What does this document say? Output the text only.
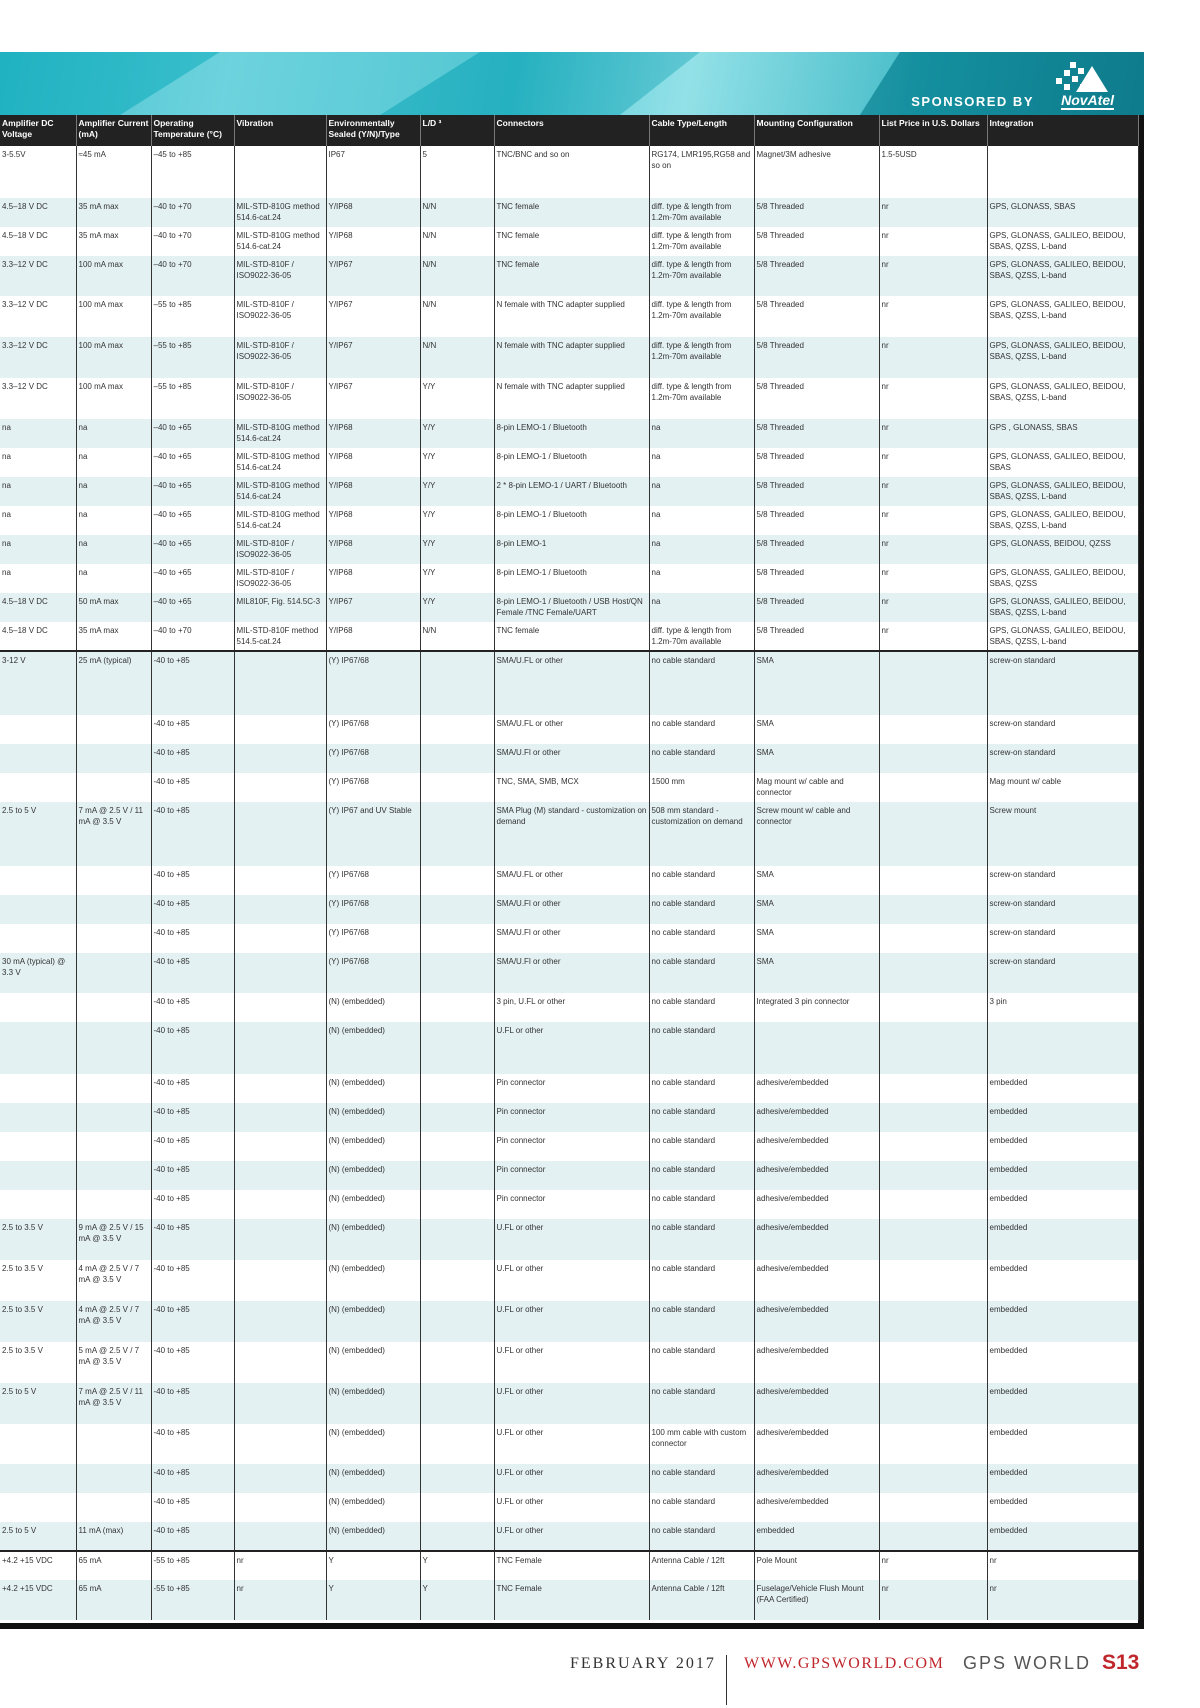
SPONSORED BY NovAtel
Amplifier DC Voltage	Amplifier Current (mA)	Operating Temperature (°C)	Vibration	Environmentally Sealed (Y/N)/Type	L/D ³	Connectors	Cable Type/Length	Mounting Configuration	List Price in U.S. Dollars	Integration
3-5.5V	≈45 mA	–45 to +85		IP67	5	TNC/BNC and so on	RG174, LMR195,RG58 and so on	Magnet/3M adhesive	1.5-5USD	
4.5–18 V DC	35 mA max	–40 to +70	MIL-STD-810G method 514.6-cat.24	Y/IP68	N/N	TNC female	diff. type & length from 1.2m-70m available	5/8 Threaded	nr	GPS, GLONASS, SBAS
4.5–18 V DC	35 mA max	–40 to +70	MIL-STD-810G method 514.6-cat.24	Y/IP68	N/N	TNC female	diff. type & length from 1.2m-70m available	5/8 Threaded	nr	GPS, GLONASS, GALILEO, BEIDOU, SBAS, QZSS, L-band
3.3–12 V DC	100 mA max	–40 to +70	MIL-STD-810F / ISO9022-36-05	Y/IP67	N/N	TNC female	diff. type & length from 1.2m-70m available	5/8 Threaded	nr	GPS, GLONASS, GALILEO, BEIDOU, SBAS, QZSS, L-band
3.3–12 V DC	100 mA max	–55 to +85	MIL-STD-810F / ISO9022-36-05	Y/IP67	N/N	N female with TNC adapter supplied	diff. type & length from 1.2m-70m available	5/8 Threaded	nr	GPS, GLONASS, GALILEO, BEIDOU, SBAS, QZSS, L-band
3.3–12 V DC	100 mA max	–55 to +85	MIL-STD-810F / ISO9022-36-05	Y/IP67	N/N	N female with TNC adapter supplied	diff. type & length from 1.2m-70m available	5/8 Threaded	nr	GPS, GLONASS, GALILEO, BEIDOU, SBAS, QZSS, L-band
3.3–12 V DC	100 mA max	–55 to +85	MIL-STD-810F / ISO9022-36-05	Y/IP67	Y/Y	N female with TNC adapter supplied	diff. type & length from 1.2m-70m available	5/8 Threaded	nr	GPS, GLONASS, GALILEO, BEIDOU, SBAS, QZSS, L-band
na	na	–40 to +65	MIL-STD-810G method 514.6-cat.24	Y/IP68	Y/Y	8-pin LEMO-1 / Bluetooth	na	5/8 Threaded	nr	GPS , GLONASS, SBAS
na	na	–40 to +65	MIL-STD-810G method 514.6-cat.24	Y/IP68	Y/Y	8-pin LEMO-1 / Bluetooth	na	5/8 Threaded	nr	GPS, GLONASS, GALILEO, BEIDOU, SBAS
na	na	–40 to +65	MIL-STD-810G method 514.6-cat.24	Y/IP68	Y/Y	2 * 8-pin LEMO-1 / UART / Bluetooth	na	5/8 Threaded	nr	GPS, GLONASS, GALILEO, BEIDOU, SBAS, QZSS, L-band
na	na	–40 to +65	MIL-STD-810G method 514.6-cat.24	Y/IP68	Y/Y	8-pin LEMO-1 / Bluetooth	na	5/8 Threaded	nr	GPS, GLONASS, GALILEO, BEIDOU, SBAS, QZSS, L-band
na	na	–40 to +65	MIL-STD-810F / ISO9022-36-05	Y/IP68	Y/Y	8-pin LEMO-1	na	5/8 Threaded	nr	GPS, GLONASS, BEIDOU, QZSS
na	na	–40 to +65	MIL-STD-810F / ISO9022-36-05	Y/IP68	Y/Y	8-pin LEMO-1 / Bluetooth	na	5/8 Threaded	nr	GPS, GLONASS, GALILEO, BEIDOU, SBAS, QZSS
4.5–18 V DC	50 mA max	–40 to +65	MIL810F, Fig. 514.5C-3	Y/IP67	Y/Y	8-pin LEMO-1 / Bluetooth / USB Host/QN Female /TNC Female/UART	na	5/8 Threaded	nr	GPS, GLONASS, GALILEO, BEIDOU, SBAS, QZSS, L-band
4.5–18 V DC	35 mA max	–40 to +70	MIL-STD-810F method 514.5-cat.24	Y/IP68	N/N	TNC female	diff. type & length from 1.2m-70m available	5/8 Threaded	nr	GPS, GLONASS, GALILEO, BEIDOU, SBAS, QZSS, L-band
3-12 V	25 mA (typical)	-40 to +85		(Y) IP67/68		SMA/U.FL or other	no cable standard	SMA		screw-on standard
		-40 to +85		(Y) IP67/68		SMA/U.FL or other	no cable standard	SMA		screw-on standard
		-40 to +85		(Y) IP67/68		SMA/U.Fl or other	no cable standard	SMA		screw-on standard
		-40 to +85		(Y) IP67/68		TNC, SMA, SMB, MCX	1500 mm	Mag mount w/ cable and connector		Mag mount w/ cable
2.5 to 5 V	7 mA @ 2.5 V / 11 mA @ 3.5 V	-40 to +85		(Y) IP67 and UV Stable		SMA Plug (M) standard - customization on demand	508 mm standard - customization on demand	Screw mount w/ cable and connector		Screw mount
		-40 to +85		(Y) IP67/68		SMA/U.FL or other	no cable standard	SMA		screw-on standard
		-40 to +85		(Y) IP67/68		SMA/U.Fl or other	no cable standard	SMA		screw-on standard
		-40 to +85		(Y) IP67/68		SMA/U.Fl or other	no cable standard	SMA		screw-on standard
30 mA (typical) @ 3.3 V		-40 to +85		(Y) IP67/68		SMA/U.Fl or other	no cable standard	SMA		screw-on standard
		-40 to +85		(N) (embedded)		3 pin, U.FL or other	no cable standard	Integrated 3 pin connector		3 pin
		-40 to +85		(N) (embedded)		U.FL or other	no cable standard			
		-40 to +85		(N) (embedded)		Pin connector	no cable standard	adhesive/embedded		embedded
		-40 to +85		(N) (embedded)		Pin connector	no cable standard	adhesive/embedded		embedded
		-40 to +85		(N) (embedded)		Pin connector	no cable standard	adhesive/embedded		embedded
		-40 to +85		(N) (embedded)		Pin connector	no cable standard	adhesive/embedded		embedded
		-40 to +85		(N) (embedded)		Pin connector	no cable standard	adhesive/embedded		embedded
2.5 to 3.5 V	9 mA @ 2.5 V / 15 mA @ 3.5 V	-40 to +85		(N) (embedded)		U.FL or other	no cable standard	adhesive/embedded		embedded
2.5 to 3.5 V	4 mA @ 2.5 V / 7 mA @ 3.5 V	-40 to +85		(N) (embedded)		U.FL or other	no cable standard	adhesive/embedded		embedded
2.5 to 3.5 V	4 mA @ 2.5 V / 7 mA @ 3.5 V	-40 to +85		(N) (embedded)		U.FL or other	no cable standard	adhesive/embedded		embedded
2.5 to 3.5 V	5 mA @ 2.5 V / 7 mA @ 3.5 V	-40 to +85		(N) (embedded)		U.FL or other	no cable standard	adhesive/embedded		embedded
2.5 to 5 V	7 mA @ 2.5 V / 11 mA @ 3.5 V	-40 to +85		(N) (embedded)		U.FL or other	no cable standard	adhesive/embedded		embedded
		-40 to +85		(N) (embedded)		U.FL or other	100 mm cable with custom connector	adhesive/embedded		embedded
		-40 to +85		(N) (embedded)		U.FL or other	no cable standard	adhesive/embedded		embedded
		-40 to +85		(N) (embedded)		U.FL or other	no cable standard	adhesive/embedded		embedded
2.5 to 5 V	11 mA (max)	-40 to +85		(N) (embedded)		U.FL or other	no cable standard	embedded		embedded
+4.2 +15 VDC	65 mA	-55 to +85	nr	Y	Y	TNC Female	Antenna Cable / 12ft	Pole Mount	nr	nr
+4.2 +15 VDC	65 mA	-55 to +85	nr	Y	Y	TNC Female	Antenna Cable / 12ft	Fuselage/Vehicle Flush Mount (FAA Certified)	nr	nr
FEBRUARY 2017 WWW.GPSWORLD.COM GPS WORLD S13
